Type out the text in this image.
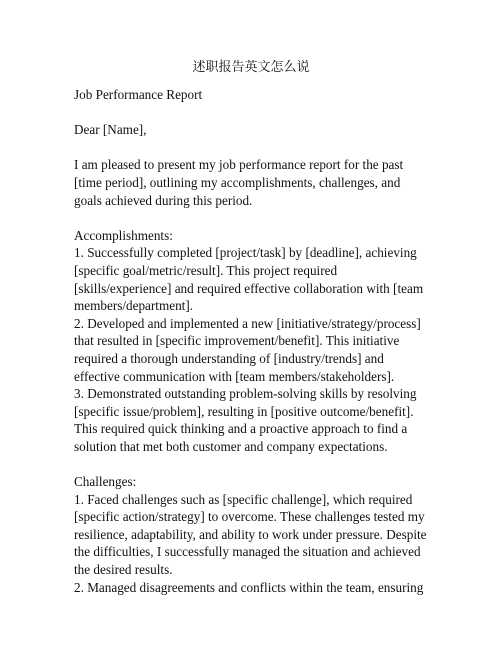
述职报告英文怎么说
Job Performance Report
Dear [Name],
I am pleased to present my job performance report for the past
[time period], outlining my accomplishments, challenges, and
goals achieved during this period.
Accomplishments:
1. Successfully completed [project/task] by [deadline], achieving
[specific goal/metric/result]. This project required
[skills/experience] and required effective collaboration with [team
members/department].
2. Developed and implemented a new [initiative/strategy/process]
that resulted in [specific improvement/benefit]. This initiative
required a thorough understanding of [industry/trends] and
effective communication with [team members/stakeholders].
3. Demonstrated outstanding problem-solving skills by resolving
[specific issue/problem], resulting in [positive outcome/benefit].
This required quick thinking and a proactive approach to find a
solution that met both customer and company expectations.
Challenges:
1. Faced challenges such as [specific challenge], which required
[specific action/strategy] to overcome. These challenges tested my
resilience, adaptability, and ability to work under pressure. Despite
the difficulties, I successfully managed the situation and achieved
the desired results.
2. Managed disagreements and conflicts within the team, ensuring
